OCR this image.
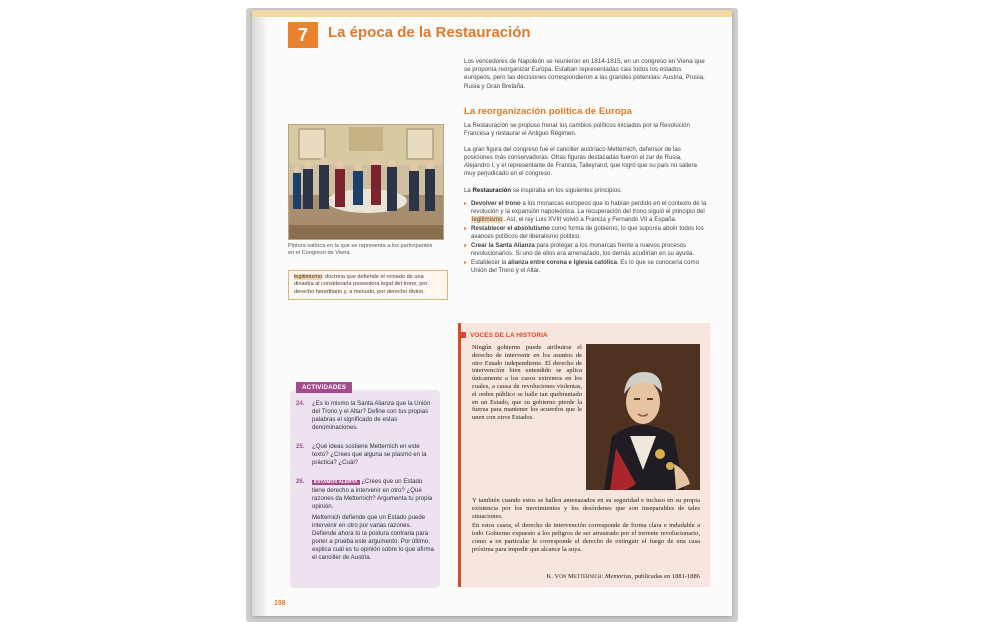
7	La época de la Restauración
Los vencedores de Napoleón se reunieron en 1814-1815, en un congreso en Viena que se proponía reorganizar Europa. Estaban representadas casi todos los estados europeos, pero las decisiones correspondieron a las grandes potencias: Austria, Prusia, Rusia y Gran Bretaña.
La reorganización política de Europa
La Restauración se propuso frenar los cambios políticos iniciados por la Revolución Francesa y restaurar el Antiguo Régimen.
La gran figura del congreso fue el canciller austríaco Metternich, defensor de las posiciones más conservadoras. Otras figuras destacadas fueron el zar de Rusia, Alejandro I, y el representante de Francia, Talleyrand, que logró que su país no saliera muy perjudicado en el congreso.
La Restauración se inspiraba en los siguientes principios:
▸ Devolver el trono a los monarcas europeos que lo habían perdido en el contexto de la revolución y la expansión napoleónica. La recuperación del trono siguió el principio del legitimismo. Así, el rey Luis XVIII volvió a Francia y Fernando VII a España.
▸ Restablecer el absolutismo como forma de gobierno, lo que suponía abolir todos los avances políticos del liberalismo político.
▸ Crear la Santa Alianza para proteger a los monarcas frente a nuevos procesos revolucionarios. Si uno de ellos era amenazado, los demás acudirían en su ayuda.
▸ Establecer la alianza entre corona e Iglesia católica. Es lo que se conocería como Unión del Trono y el Altar.
Pintura satírica en la que se representa a los participantes en el Congreso de Viena.
legitimismo: doctrina que defiende el reinado de una dinastía al considerarla poseedora legal del trono, por derecho hereditario y, a menudo, por derecho divino.
ACTIVIDADES
24. ¿Es lo mismo la Santa Alianza que la Unión del Trono y el Altar? Define con tus propias palabras el significado de estas denominaciones.
25. ¿Qué ideas sostiene Metternich en este texto? ¿Crees que alguna se plasmó en la práctica? ¿Cuál?
26.	ESTAMOS ALERTA ¿Crees que un Estado tiene derecho a intervenir en otro? ¿Qué razones da Metternich? Argumenta tu propia opinión.
Metternich defiende que un Estado puede intervenir en otro por varias razones. Defiende ahora tú la postura contraria para poner a prueba este argumento. Por último, explica cuál es tu opinión sobre lo que afirma el canciller de Austria.
198
VOCES DE LA HISTORIA

Ningún gobierno puede atribuirse el derecho de intervenir en los asuntos de otro Estado independiente. El derecho de intervención bien entendido se aplica únicamente a los casos extremos en los cuales, a causa de revoluciones violentas, el orden público se halle tan quebrantado en un Estado, que su gobierno pierde la fuerza para mantener los acuerdos que le unen con otros Estados.

Y también cuando estos se hallen amenazados en su seguridad e incluso en su propia existencia por los movimientos y los desórdenes que son inseparables de tales situaciones.

En estos casos, el derecho de intervención corresponde de forma clara e indudable a todo Gobierno expuesto a los peligros de ser arrastrado por el torrente revolucionario, como a en particular le corresponde el derecho de extinguir el fuego de una casa próxima para impedir que alcance la suya.

K. Von Metternich: Memorias, publicadas en 1881-1886
